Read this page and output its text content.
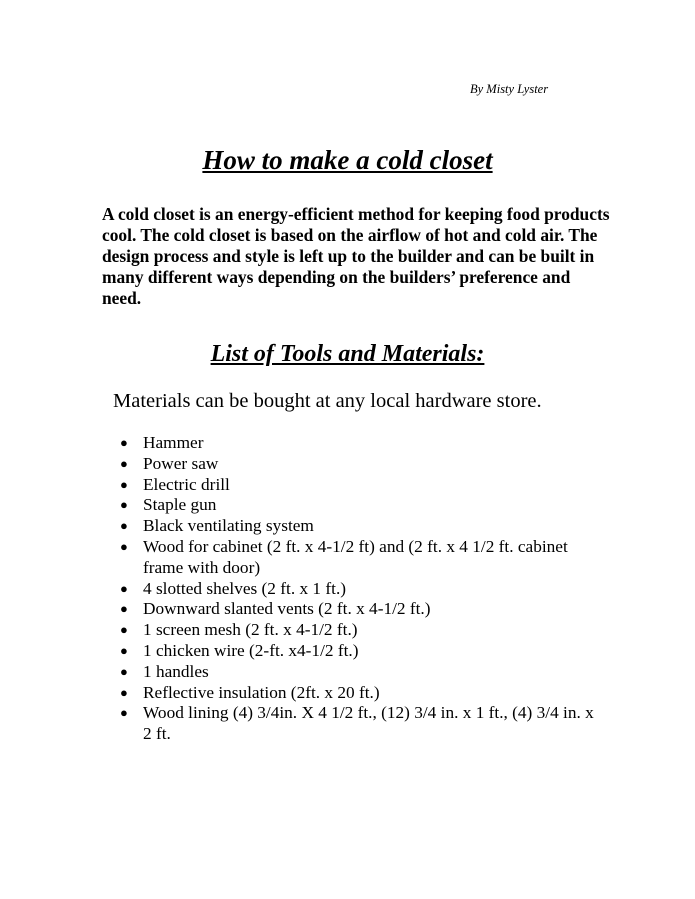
By Misty Lyster
How to make a cold closet

A cold closet is an energy-efficient method for keeping food products cool. The cold closet is based on the airflow of hot and cold air. The design process and style is left up to the builder and can be built in many different ways depending on the builders’ preference and need.

List of Tools and Materials:

Materials can be bought at any local hardware store.

● Hammer
● Power saw
● Electric drill
● Staple gun
● Black ventilating system
● Wood for cabinet (2 ft. x 4-1/2 ft) and (2 ft. x 4 1/2 ft. cabinet frame with door)
● 4 slotted shelves (2 ft. x 1 ft.)
● Downward slanted vents (2 ft. x 4-1/2 ft.)
● 1 screen mesh (2 ft. x 4-1/2 ft.)
● 1 chicken wire (2-ft. x4-1/2 ft.)
● 1 handles
● Reflective insulation (2ft. x 20 ft.)
● Wood lining (4) 3/4in. X 4 1/2 ft., (12) 3/4 in. x 1 ft., (4) 3/4 in. x 2 ft.
